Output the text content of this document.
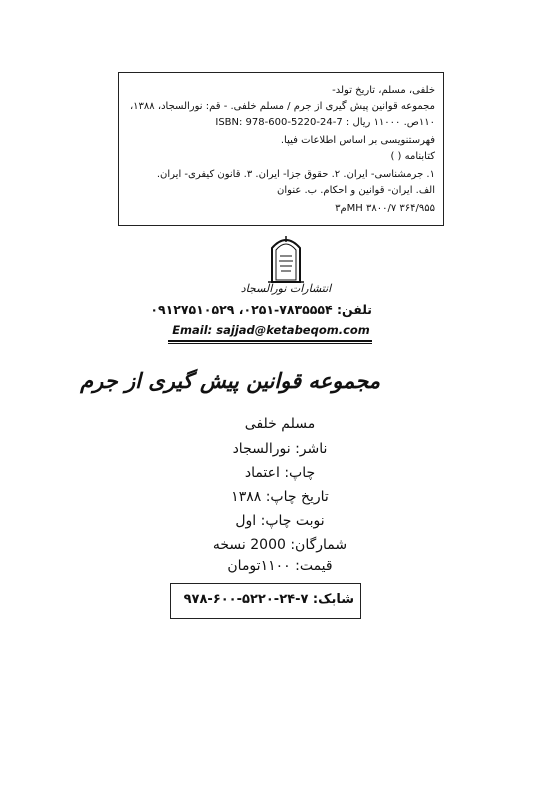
خلفی، مسلم، تاریخ تولد-
مجموعه قوانین پیش گیری از جرم / مسلم خلفی. - قم: نورالسجاد، ۱۳۸۸،
۱۱۰ص. ۱۱۰۰۰ ریال : ISBN: 978-600-5220-24-7
فهرستنویسی بر اساس اطلاعات فیپا.
کتابنامه ( )
۱. جرمشناسی- ایران. ۲. حقوق جزا- ایران. ۳. قانون کیفری- ایران.
الف. ایران- قوانین و احکام. ب. عنوان
۳۶۴/۹۵۵ MH ۳۸۰۰/۷م۳
انتشارات نورالسجاد
تلفن: ۷۸۳۵۵۵۴-۰۲۵۱، ۰۹۱۲۷۵۱۰۵۲۹
Email: sajjad@ketabeqom.com
مجموعه قوانین پیش گیری از جرم
مسلم خلفی
ناشر: نورالسجاد
چاپ: اعتماد
تاریخ چاپ: ۱۳۸۸
نوبت چاپ: اول
شمارگان: 2000 نسخه
قیمت: ۱۱۰۰تومان
شابک: ۷-۲۴-۵۲۲۰-۶۰۰-۹۷۸
